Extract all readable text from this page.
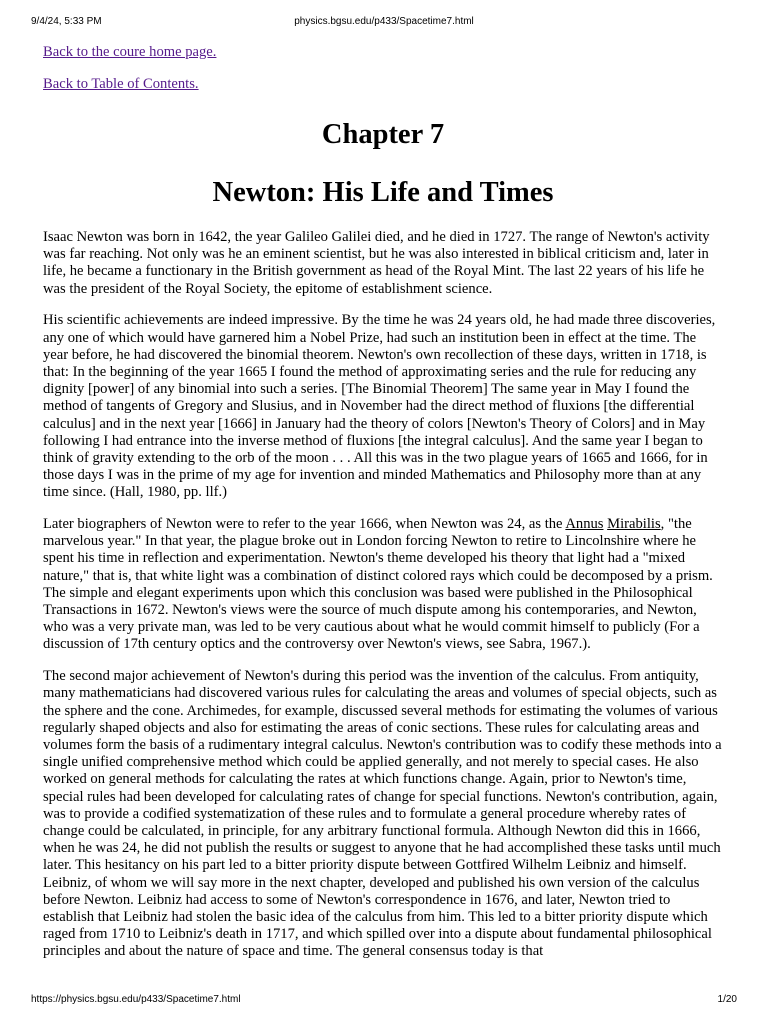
9/4/24, 5:33 PM	physics.bgsu.edu/p433/Spacetime7.html
Back to the coure home page.
Back to Table of Contents.
Chapter 7
Newton: His Life and Times

Isaac Newton was born in 1642, the year Galileo Galilei died, and he died in 1727. The range of Newton's activity was far reaching. Not only was he an eminent scientist, but he was also interested in biblical criticism and, later in life, he became a functionary in the British government as head of the Royal Mint. The last 22 years of his life he was the president of the Royal Society, the epitome of establishment science.

His scientific achievements are indeed impressive. By the time he was 24 years old, he had made three discoveries, any one of which would have garnered him a Nobel Prize, had such an institution been in effect at the time. The year before, he had discovered the binomial theorem. Newton's own recollection of these days, written in 1718, is that: In the beginning of the year 1665 I found the method of approximating series and the rule for reducing any dignity [power] of any binomial into such a series. [The Binomial Theorem] The same year in May I found the method of tangents of Gregory and Slusius, and in November had the direct method of fluxions [the differential calculus] and in the next year [1666] in January had the theory of colors [Newton's Theory of Colors] and in May following I had entrance into the inverse method of fluxions [the integral calculus]. And the same year I began to think of gravity extending to the orb of the moon . . . All this was in the two plague years of 1665 and 1666, for in those days I was in the prime of my age for invention and minded Mathematics and Philosophy more than at any time since. (Hall, 1980, pp. llf.)

Later biographers of Newton were to refer to the year 1666, when Newton was 24, as the Annus Mirabilis, "the marvelous year." In that year, the plague broke out in London forcing Newton to retire to Lincolnshire where he spent his time in reflection and experimentation. Newton's theme developed his theory that light had a "mixed nature," that is, that white light was a combination of distinct colored rays which could be decomposed by a prism. The simple and elegant experiments upon which this conclusion was based were published in the Philosophical Transactions in 1672. Newton's views were the source of much dispute among his contemporaries, and Newton, who was a very private man, was led to be very cautious about what he would commit himself to publicly (For a discussion of 17th century optics and the controversy over Newton's views, see Sabra, 1967.).

The second major achievement of Newton's during this period was the invention of the calculus. From antiquity, many mathematicians had discovered various rules for calculating the areas and volumes of special objects, such as the sphere and the cone. Archimedes, for example, discussed several methods for estimating the volumes of various regularly shaped objects and also for estimating the areas of conic sections. These rules for calculating areas and volumes form the basis of a rudimentary integral calculus. Newton's contribution was to codify these methods into a single unified comprehensive method which could be applied generally, and not merely to special cases. He also worked on general methods for calculating the rates at which functions change. Again, prior to Newton's time, special rules had been developed for calculating rates of change for special functions. Newton's contribution, again, was to provide a codified systematization of these rules and to formulate a general procedure whereby rates of change could be calculated, in principle, for any arbitrary functional formula. Although Newton did this in 1666, when he was 24, he did not publish the results or suggest to anyone that he had accomplished these tasks until much later. This hesitancy on his part led to a bitter priority dispute between Gottfired Wilhelm Leibniz and himself. Leibniz, of whom we will say more in the next chapter, developed and published his own version of the calculus before Newton. Leibniz had access to some of Newton's correspondence in 1676, and later, Newton tried to establish that Leibniz had stolen the basic idea of the calculus from him. This led to a bitter priority dispute which raged from 1710 to Leibniz's death in 1717, and which spilled over into a dispute about fundamental philosophical principles and about the nature of space and time. The general consensus today is that

https://physics.bgsu.edu/p433/Spacetime7.html	1/20
